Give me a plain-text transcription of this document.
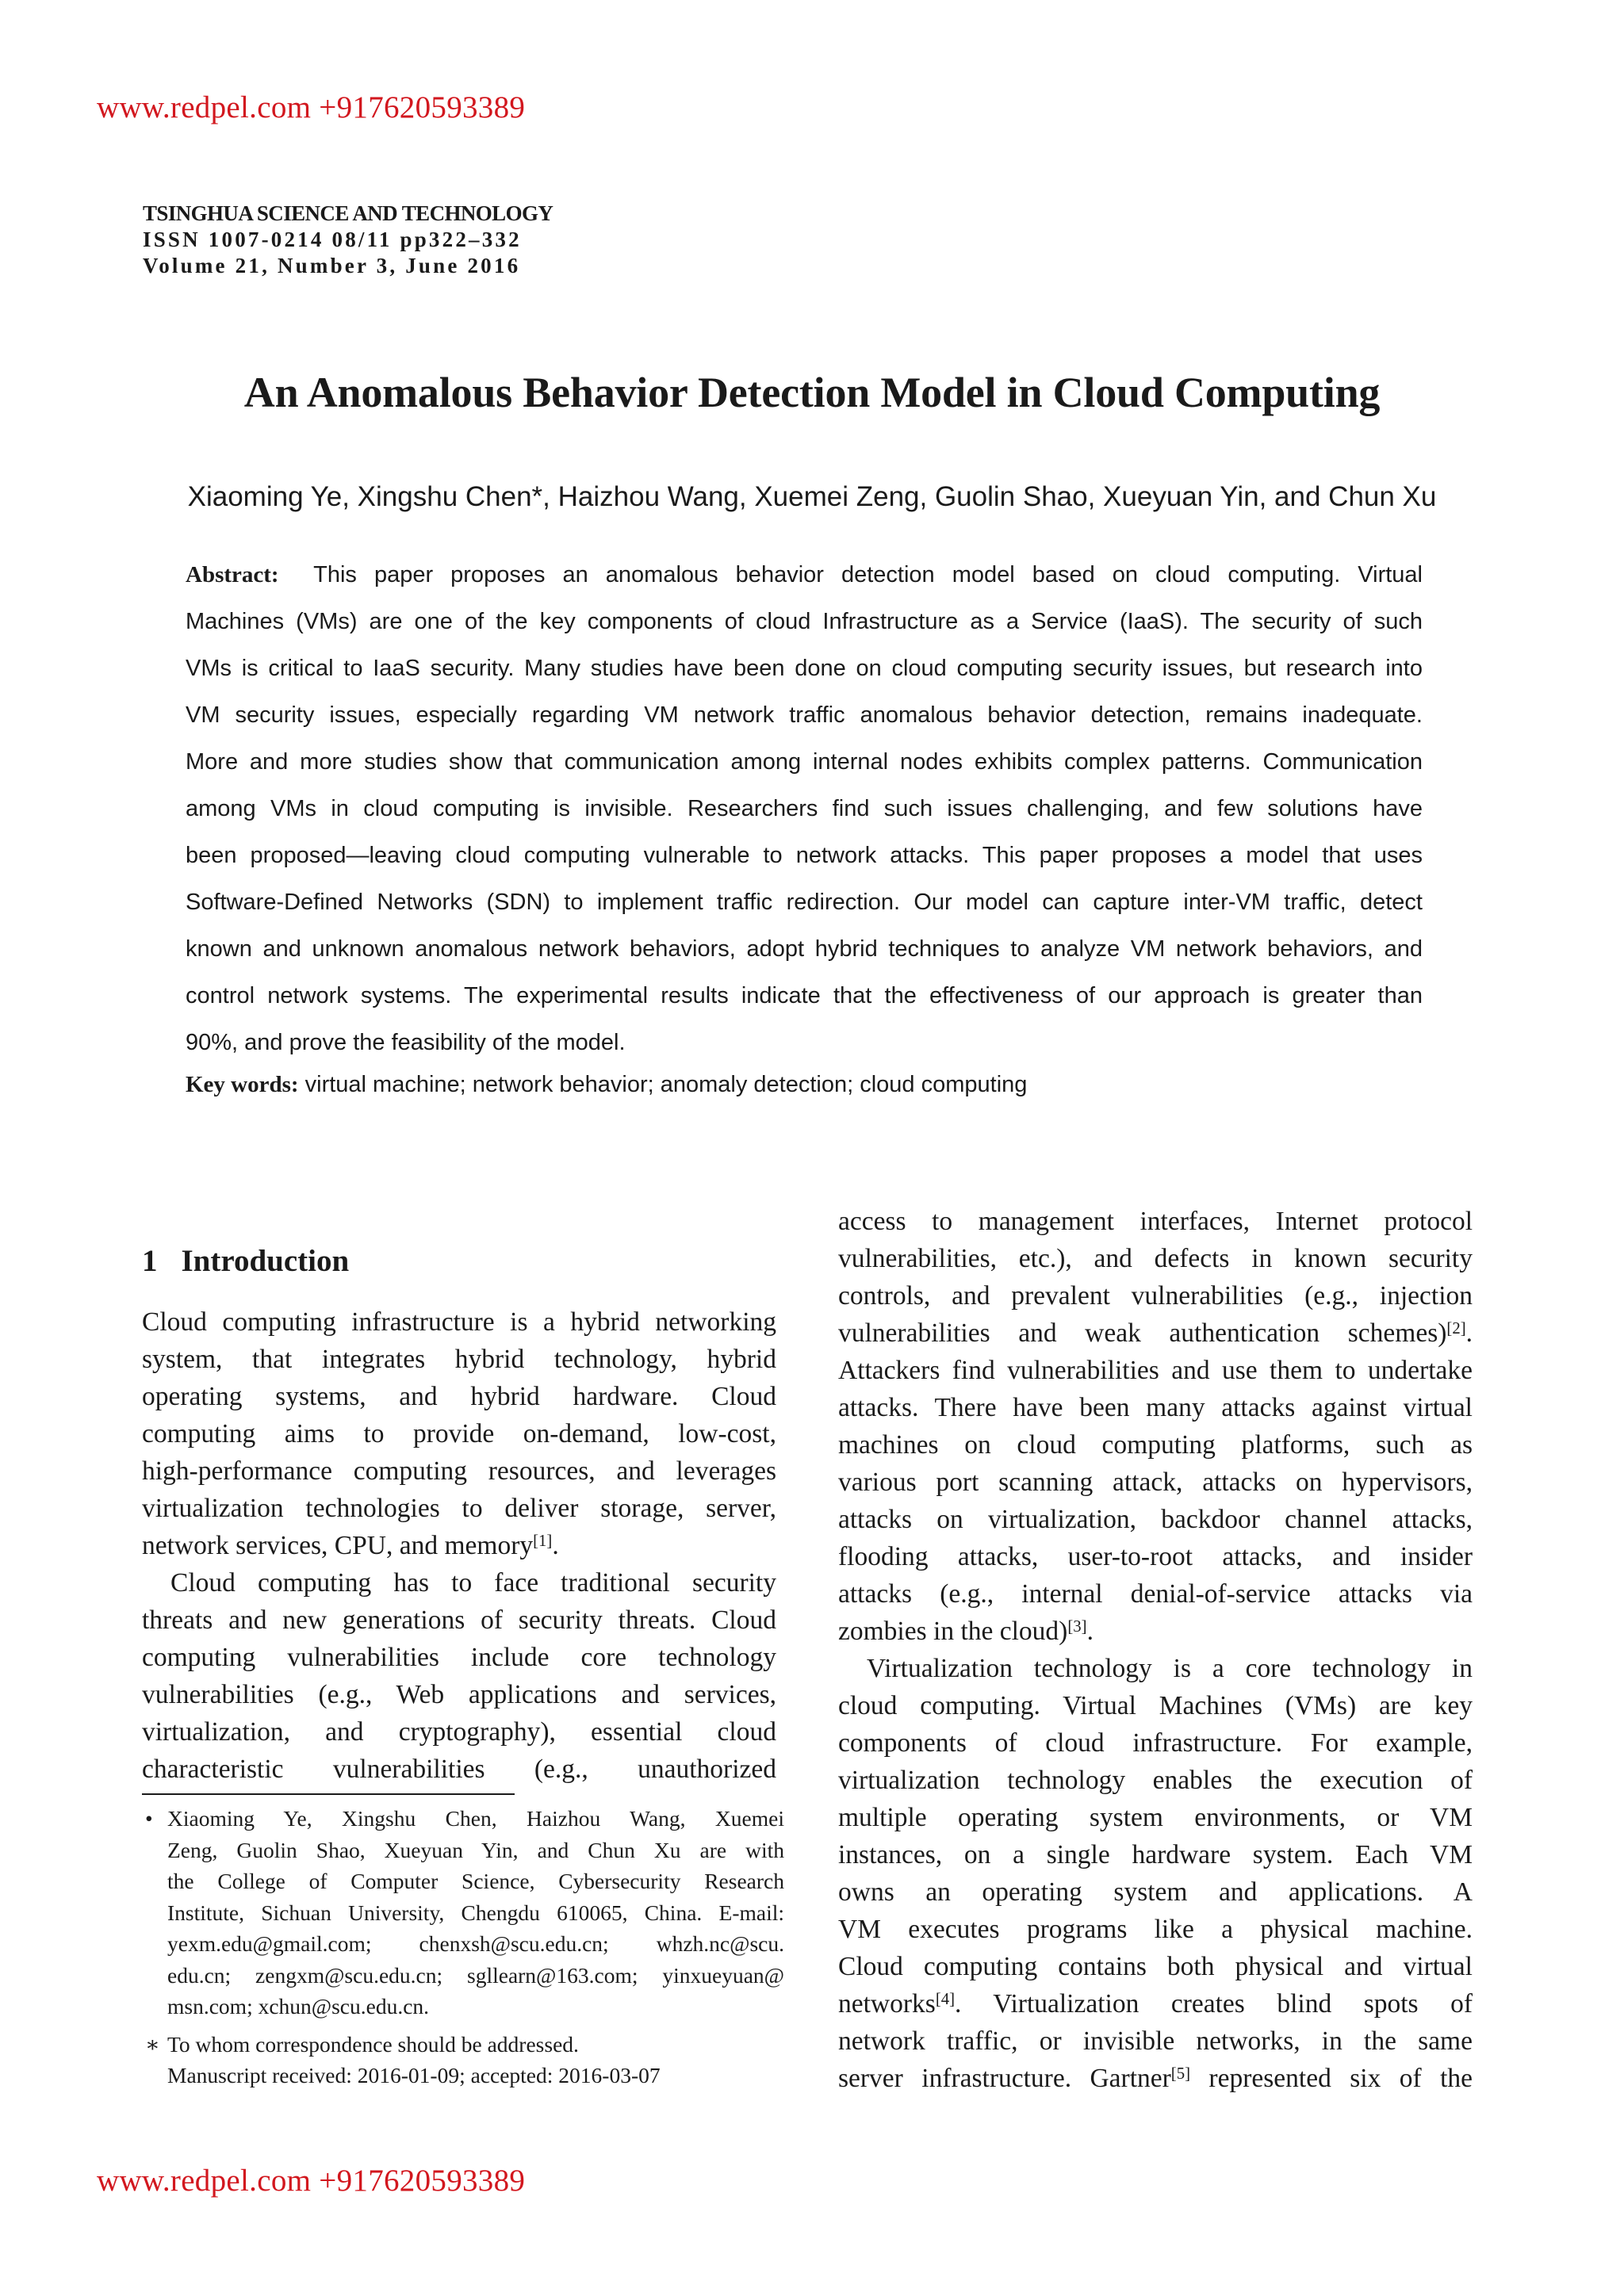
www.redpel.com +917620593389
TSINGHUA SCIENCE AND TECHNOLOGY
ISSN 1007-0214 08/11 pp322–332
Volume 21, Number 3, June 2016
An Anomalous Behavior Detection Model in Cloud Computing
Xiaoming Ye, Xingshu Chen*, Haizhou Wang, Xuemei Zeng, Guolin Shao, Xueyuan Yin, and Chun Xu

Abstract: This paper proposes an anomalous behavior detection model based on cloud computing. Virtual

Machines (VMs) are one of the key components of cloud Infrastructure as a Service (IaaS). The security of such

VMs is critical to IaaS security. Many studies have been done on cloud computing security issues, but research into

VM security issues, especially regarding VM network traffic anomalous behavior detection, remains inadequate.

More and more studies show that communication among internal nodes exhibits complex patterns. Communication

among VMs in cloud computing is invisible. Researchers find such issues challenging, and few solutions have

been proposed—leaving cloud computing vulnerable to network attacks. This paper proposes a model that uses

Software-Defined Networks (SDN) to implement traffic redirection. Our model can capture inter-VM traffic, detect

known and unknown anomalous network behaviors, adopt hybrid techniques to analyze VM network behaviors, and

control network systems. The experimental results indicate that the effectiveness of our approach is greater than

90%, and prove the feasibility of the model.

Key words: virtual machine; network behavior; anomaly detection; cloud computing
1 Introduction

Cloud computing infrastructure is a hybrid networking

system, that integrates hybrid technology, hybrid

operating systems, and hybrid hardware. Cloud

computing aims to provide on-demand, low-cost,

high-performance computing resources, and leverages

virtualization technologies to deliver storage, server,

network services, CPU, and memory[1].

Cloud computing has to face traditional security

threats and new generations of security threats. Cloud

computing vulnerabilities include core technology

vulnerabilities (e.g., Web applications and services,

virtualization, and cryptography), essential cloud

characteristic vulnerabilities (e.g., unauthorized

• Xiaoming Ye, Xingshu Chen, Haizhou Wang, Xuemei

Zeng, Guolin Shao, Xueyuan Yin, and Chun Xu are with

the College of Computer Science, Cybersecurity Research

Institute, Sichuan University, Chengdu 610065, China. E-mail:

yexm.edu@gmail.com; chenxsh@scu.edu.cn; whzh.nc@scu.

edu.cn; zengxm@scu.edu.cn; sgllearn@163.com; yinxueyuan@

msn.com; xchun@scu.edu.cn.

∗ To whom correspondence should be addressed.

Manuscript received: 2016-01-09; accepted: 2016-03-07

access to management interfaces, Internet protocol

vulnerabilities, etc.), and defects in known security

controls, and prevalent vulnerabilities (e.g., injection

vulnerabilities and weak authentication schemes)[2].

Attackers find vulnerabilities and use them to undertake

attacks. There have been many attacks against virtual

machines on cloud computing platforms, such as

various port scanning attack, attacks on hypervisors,

attacks on virtualization, backdoor channel attacks,

flooding attacks, user-to-root attacks, and insider

attacks (e.g., internal denial-of-service attacks via

zombies in the cloud)[3].

Virtualization technology is a core technology in

cloud computing. Virtual Machines (VMs) are key

components of cloud infrastructure. For example,

virtualization technology enables the execution of

multiple operating system environments, or VM

instances, on a single hardware system. Each VM

owns an operating system and applications. A

VM executes programs like a physical machine.

Cloud computing contains both physical and virtual

networks[4]. Virtualization creates blind spots of

network traffic, or invisible networks, in the same

server infrastructure. Gartner[5] represented six of the

www.redpel.com +917620593389
